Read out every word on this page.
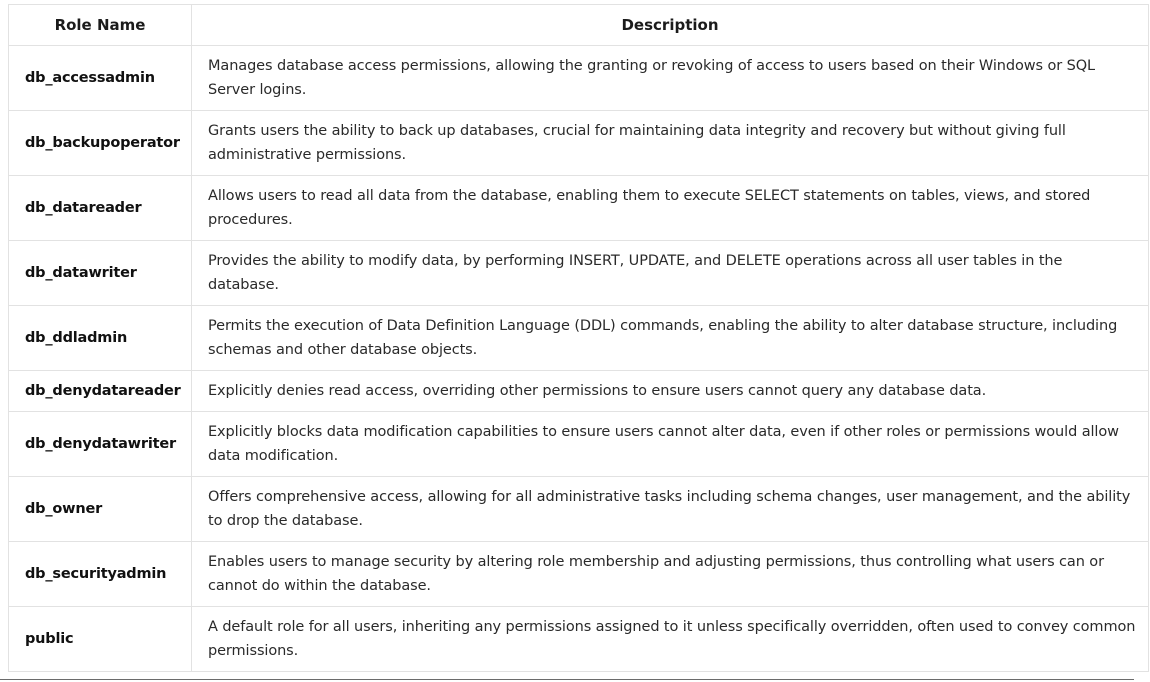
Role Name	Description
db_accessadmin	Manages database access permissions, allowing the granting or revoking of access to users based on their Windows or SQL Server logins.
db_backupoperator	Grants users the ability to back up databases, crucial for maintaining data integrity and recovery but without giving full administrative permissions.
db_datareader	Allows users to read all data from the database, enabling them to execute SELECT statements on tables, views, and stored procedures.
db_datawriter	Provides the ability to modify data, by performing INSERT, UPDATE, and DELETE operations across all user tables in the database.
db_ddladmin	Permits the execution of Data Definition Language (DDL) commands, enabling the ability to alter database structure, including schemas and other database objects.
db_denydatareader	Explicitly denies read access, overriding other permissions to ensure users cannot query any database data.
db_denydatawriter	Explicitly blocks data modification capabilities to ensure users cannot alter data, even if other roles or permissions would allow data modification.
db_owner	Offers comprehensive access, allowing for all administrative tasks including schema changes, user management, and the ability to drop the database.
db_securityadmin	Enables users to manage security by altering role membership and adjusting permissions, thus controlling what users can or cannot do within the database.
public	A default role for all users, inheriting any permissions assigned to it unless specifically overridden, often used to convey common permissions.
